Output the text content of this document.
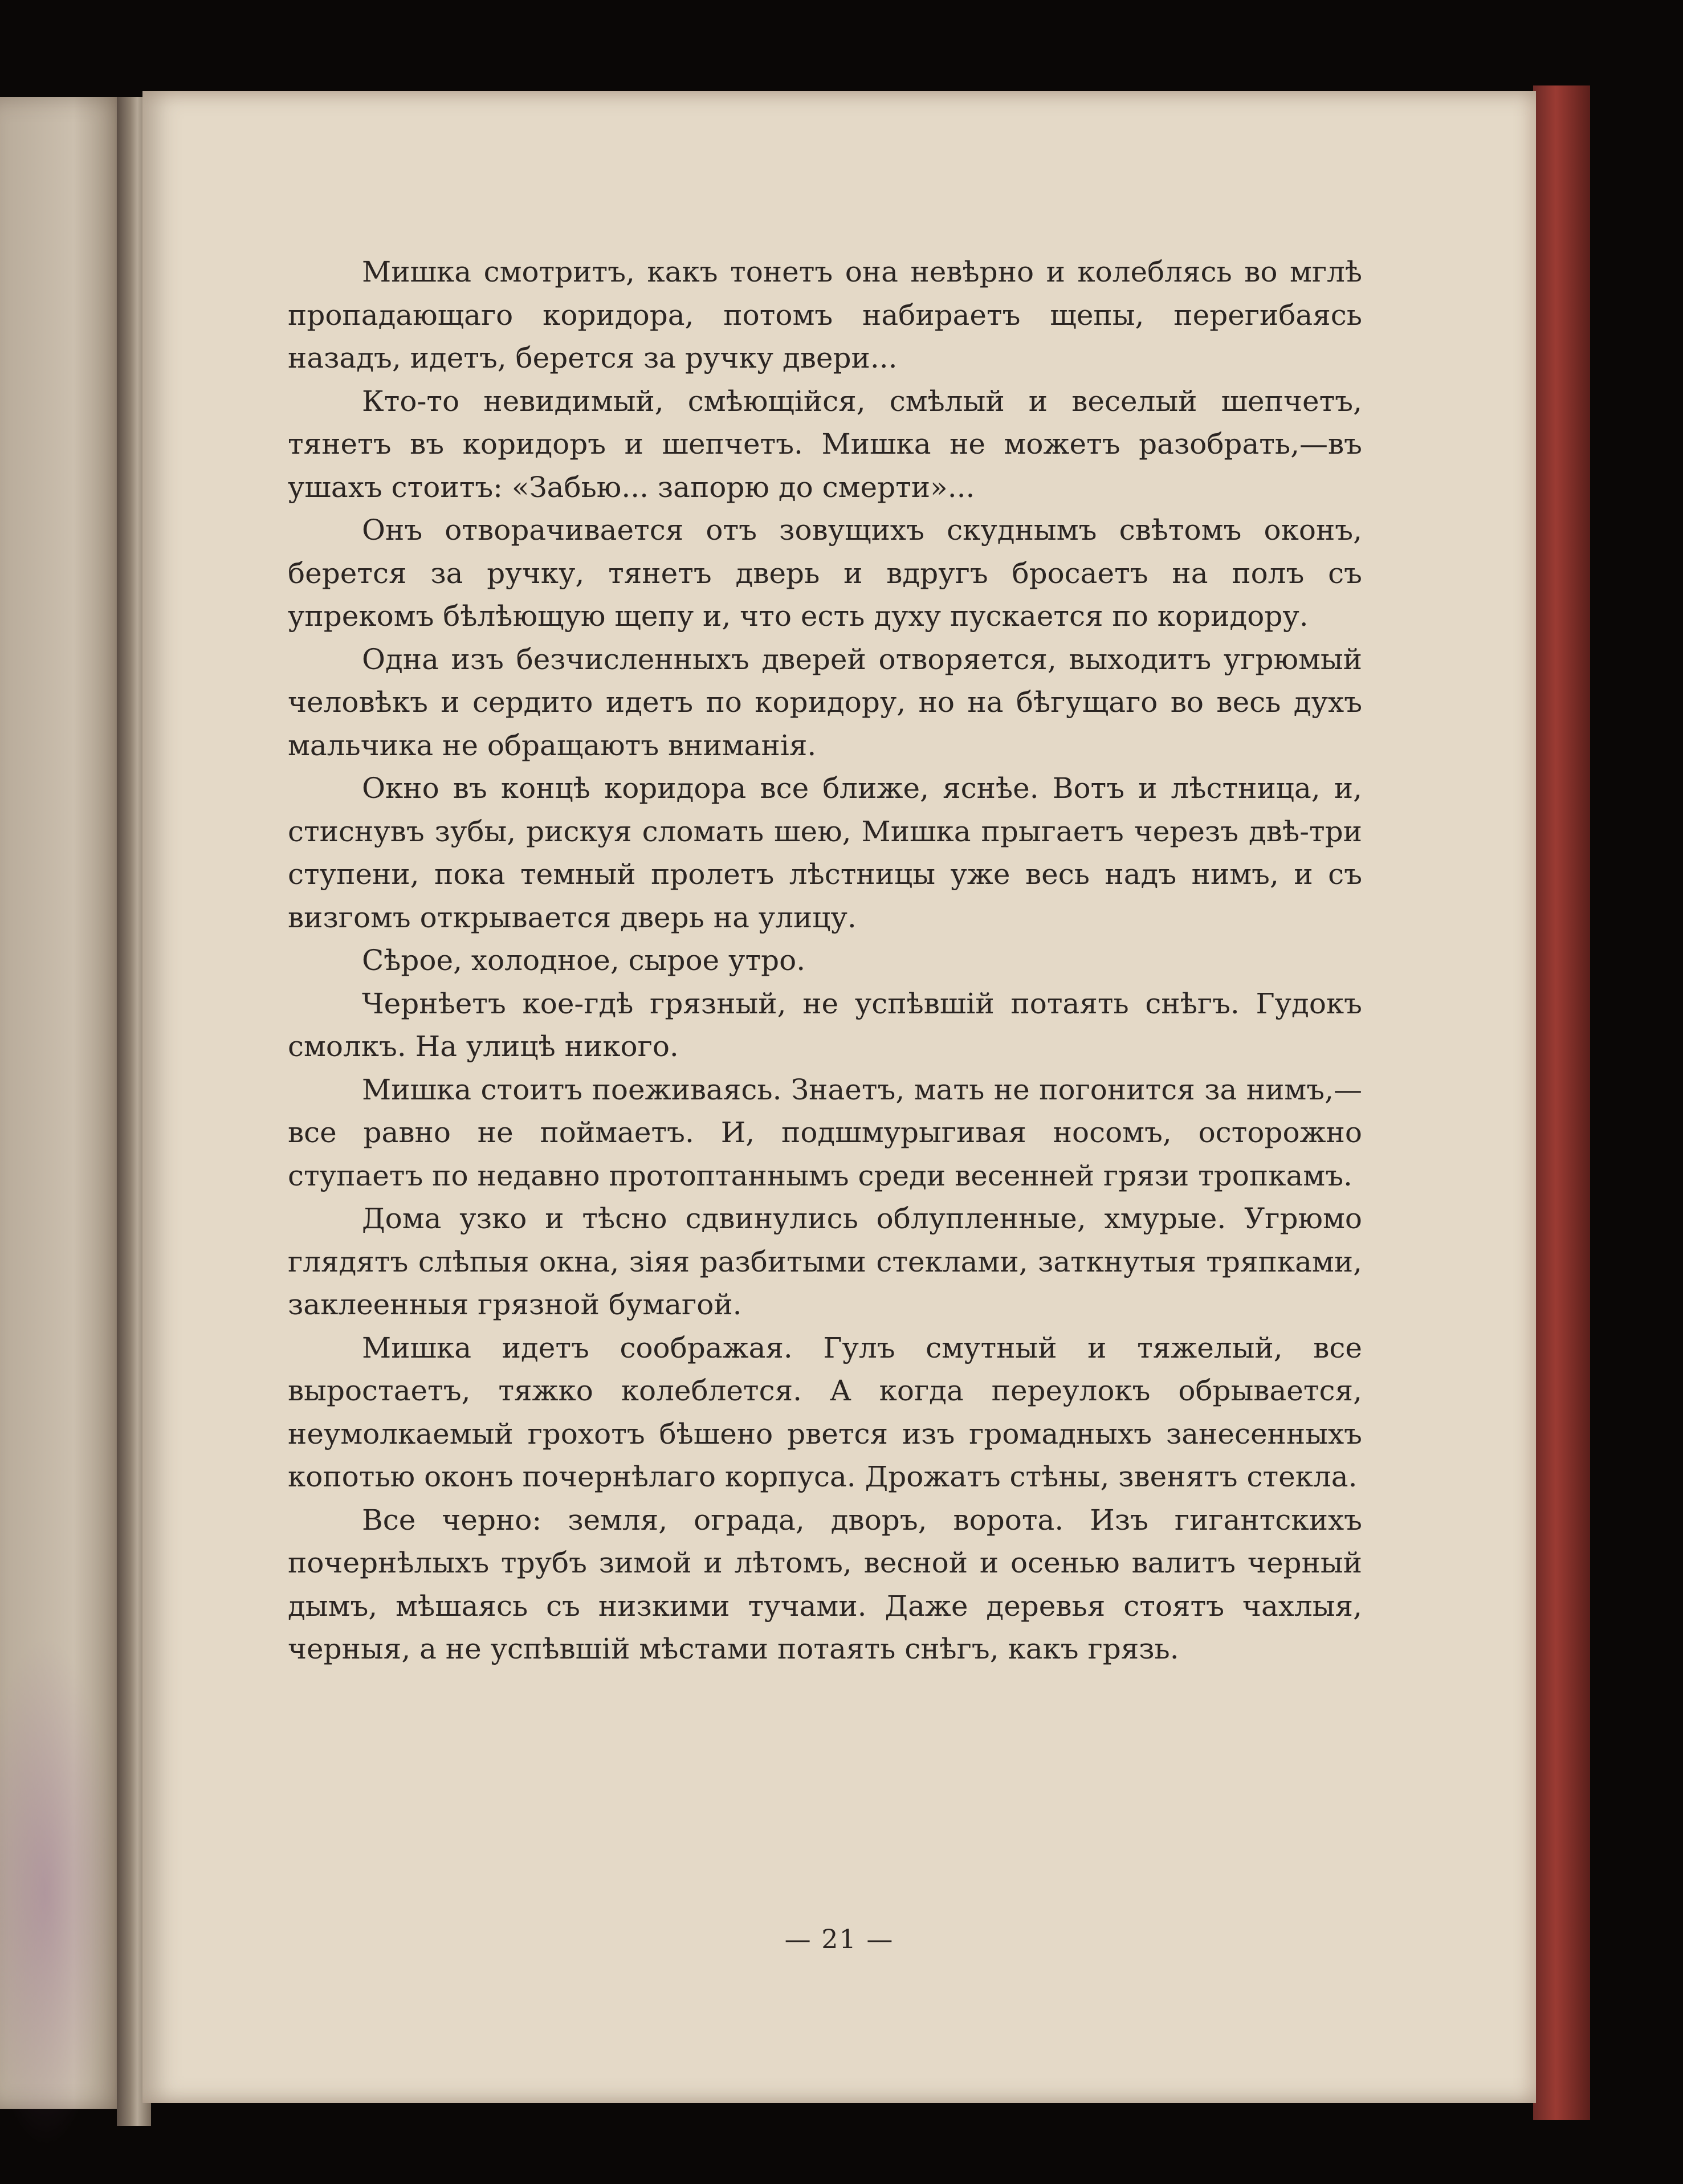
Мишка смотритъ, какъ тонетъ она невѣрно и колеблясь во мглѣ пропадающаго коридора, потомъ набираетъ щепы, перегибаясь назадъ, идетъ, берется за ручку двери...

Кто-то невидимый, смѣющійся, смѣлый и веселый шепчетъ, тянетъ въ коридоръ и шепчетъ. Мишка не можетъ разобрать,—въ ушахъ стоитъ: «Забью... запорю до смерти»...

Онъ отворачивается отъ зовущихъ скуднымъ свѣтомъ оконъ, берется за ручку, тянетъ дверь и вдругъ бросаетъ на полъ съ упрекомъ бѣлѣющую щепу и, что есть духу пускается по коридору.

Одна изъ безчисленныхъ дверей отворяется, выходитъ угрюмый человѣкъ и сердито идетъ по коридору, но на бѣгущаго во весь духъ мальчика не обращаютъ вниманія.

Окно въ концѣ коридора все ближе, яснѣе. Вотъ и лѣстница, и, стиснувъ зубы, рискуя сломать шею, Мишка прыгаетъ черезъ двѣ-три ступени, пока темный пролетъ лѣстницы уже весь надъ нимъ, и съ визгомъ открывается дверь на улицу.

Сѣрое, холодное, сырое утро.

Чернѣетъ кое-гдѣ грязный, не успѣвшій потаять снѣгъ. Гудокъ смолкъ. На улицѣ никого.

Мишка стоитъ поеживаясь. Знаетъ, мать не погонится за нимъ,—все равно не поймаетъ. И, подшмурыгивая носомъ, осторожно ступаетъ по недавно протоптаннымъ среди весенней грязи тропкамъ.

Дома узко и тѣсно сдвинулись облупленные, хмурые. Угрюмо глядятъ слѣпыя окна, зіяя разбитыми стеклами, заткнутыя тряпками, заклеенныя грязной бумагой.

Мишка идетъ соображая. Гулъ смутный и тяжелый, все выростаетъ, тяжко колеблется. А когда переулокъ обрывается, неумолкаемый грохотъ бѣшено рвется изъ громадныхъ занесенныхъ копотью оконъ почернѣлаго корпуса. Дрожатъ стѣны, звенятъ стекла.

Все черно: земля, ограда, дворъ, ворота. Изъ гигантскихъ почернѣлыхъ трубъ зимой и лѣтомъ, весной и осенью валитъ черный дымъ, мѣшаясь съ низкими тучами. Даже деревья стоятъ чахлыя, черныя, а не успѣвшій мѣстами потаять снѣгъ, какъ грязь.

— 21 —
